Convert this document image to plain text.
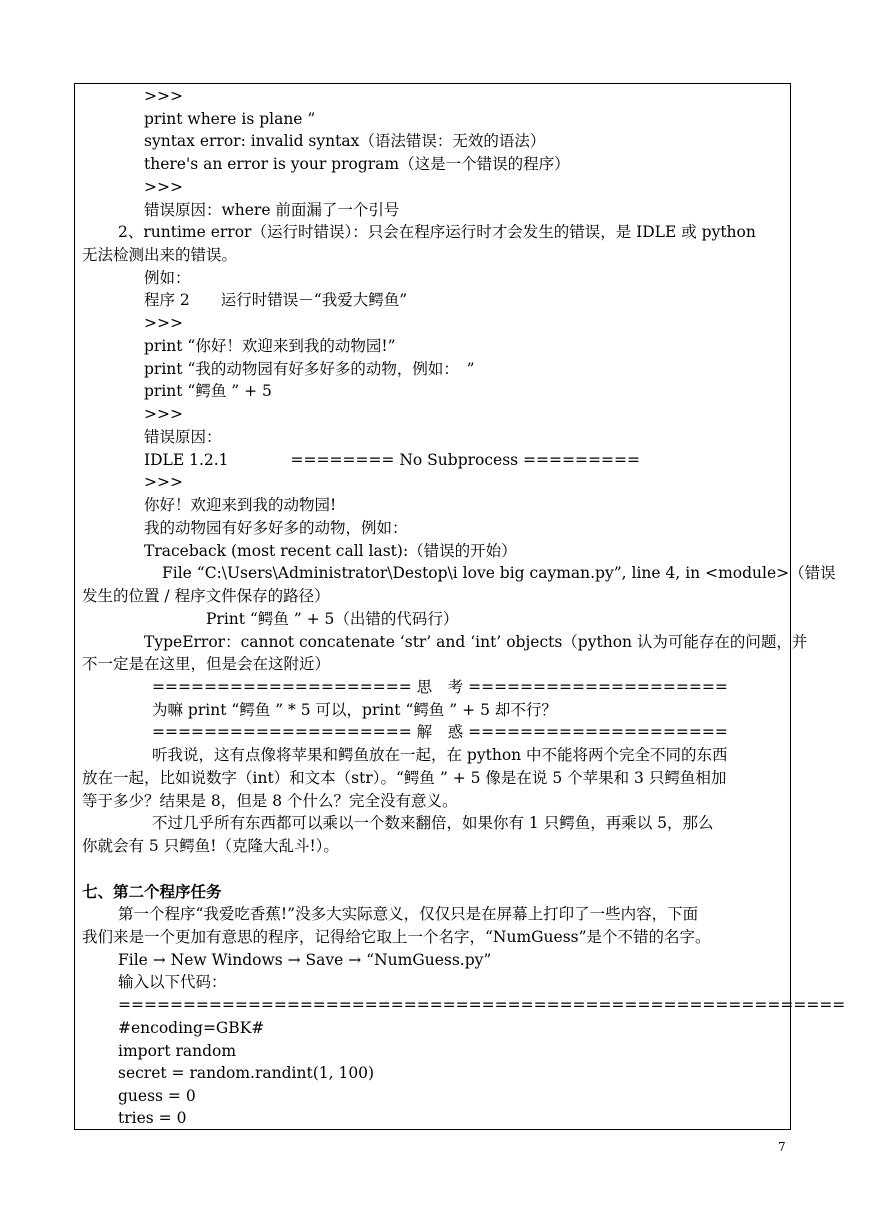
>>>
print where is plane ”
syntax error: invalid syntax（语法错误：无效的语法）
there's an error is your program（这是一个错误的程序）
>>>
错误原因：where 前面漏了一个引号
2、runtime error（运行时错误）：只会在程序运行时才会发生的错误，是 IDLE 或 python
无法检测出来的错误。
例如：
程序 2　　运行时错误－“我爱大鳄鱼”
>>>
print “你好！欢迎来到我的动物园!”
print “我的动物园有好多好多的动物，例如：　”
print “鳄鱼 ” + 5
>>>
错误原因：
IDLE 1.2.1　　　　======== No Subprocess =========
>>>
你好！欢迎来到我的动物园!
我的动物园有好多好多的动物，例如：
Traceback (most recent call last):（错误的开始）
File “C:\Users\Administrator\Destop\i love big cayman.py”, line 4, in <module>（错误
发生的位置 / 程序文件保存的路径）
Print “鳄鱼 ” + 5（出错的代码行）
TypeError：cannot concatenate ‘str’ and ‘int’ objects（python 认为可能存在的问题，并
不一定是在这里，但是会在这附近）
==================== 思　考 ====================
为嘛 print “鳄鱼 ” * 5 可以，print “鳄鱼 ” + 5 却不行？
==================== 解　惑 ====================
听我说，这有点像将苹果和鳄鱼放在一起，在 python 中不能将两个完全不同的东西
放在一起，比如说数字（int）和文本（str）。“鳄鱼 ” + 5 像是在说 5 个苹果和 3 只鳄鱼相加
等于多少？结果是 8，但是 8 个什么？完全没有意义。
不过几乎所有东西都可以乘以一个数来翻倍，如果你有 1 只鳄鱼，再乘以 5，那么
你就会有 5 只鳄鱼!（克隆大乱斗!）。
七、第二个程序任务
第一个程序“我爱吃香蕉!”没多大实际意义，仅仅只是在屏幕上打印了一些内容，下面
我们来是一个更加有意思的程序，记得给它取上一个名字，“NumGuess”是个不错的名字。
File → New Windows → Save → “NumGuess.py”
输入以下代码：
========================================================
#encoding=GBK#
import random
secret = random.randint(1, 100)
guess = 0
tries = 0
7
